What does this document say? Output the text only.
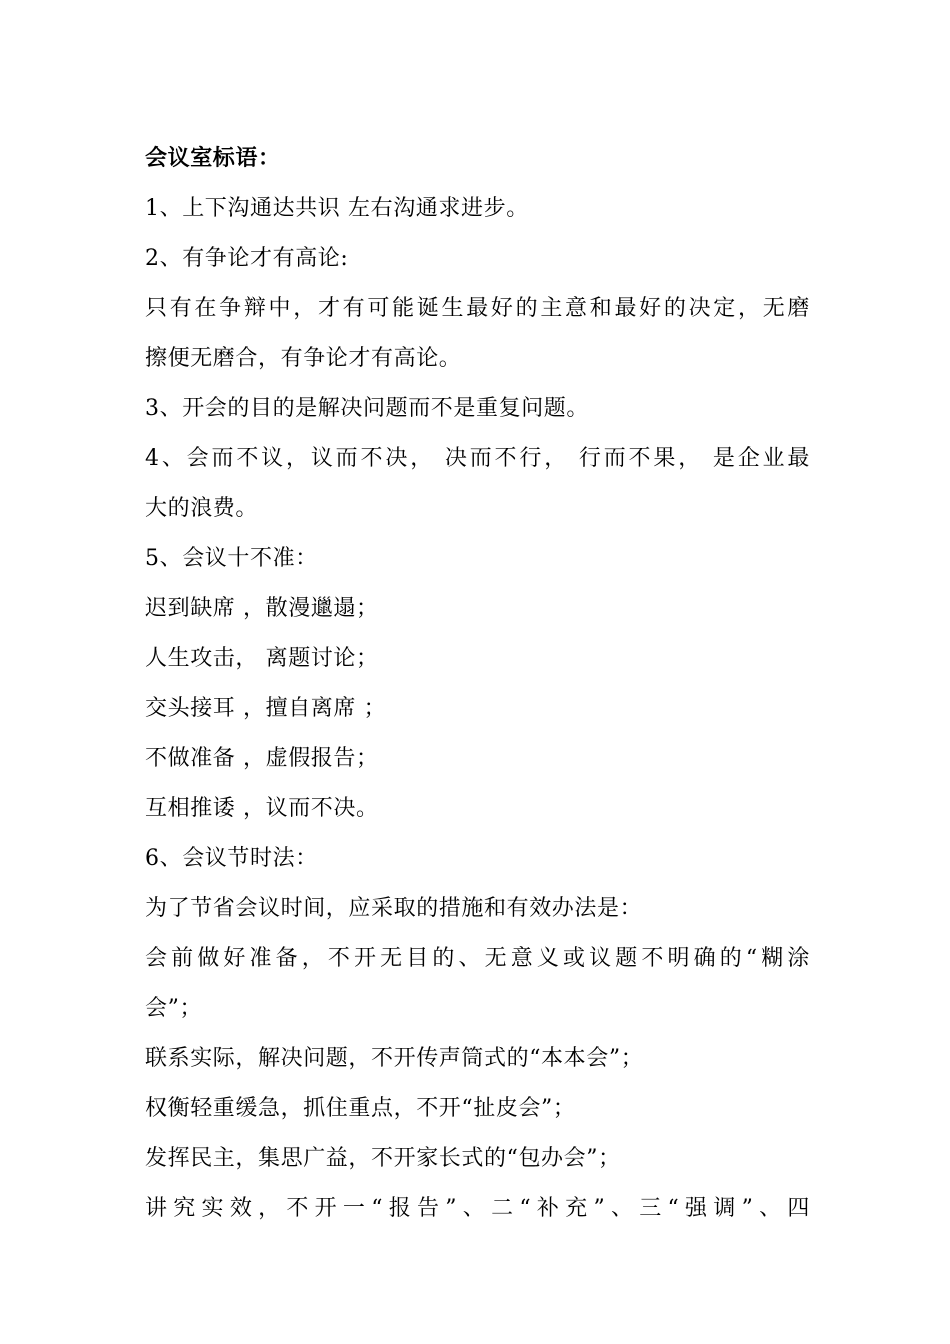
会议室标语：
1、上下沟通达共识 左右沟通求进步。
2、有争论才有高论:
只有在争辩中，才有可能诞生最好的主意和最好的决定，无磨
擦便无磨合，有争论才有高论。
3、开会的目的是解决问题而不是重复问题。
4、会而不议，议而不决， 决而不行， 行而不果， 是企业最
大的浪费。
5、会议十不准：
迟到缺席 ，散漫邋遢；
人生攻击， 离题讨论；
交头接耳 ，擅自离席 ；
不做准备 ，虚假报告；
互相推诿 ，议而不决。
6、会议节时法：
为了节省会议时间，应采取的措施和有效办法是：
会前做好准备，不开无目的、无意义或议题不明确的“糊涂
会”；
联系实际，解决问题，不开传声筒式的“本本会”；
权衡轻重缓急，抓住重点，不开“扯皮会”；
发挥民主，集思广益，不开家长式的“包办会”；
讲究实效，不开一“报告”、二“补充”、三“强调”、四
